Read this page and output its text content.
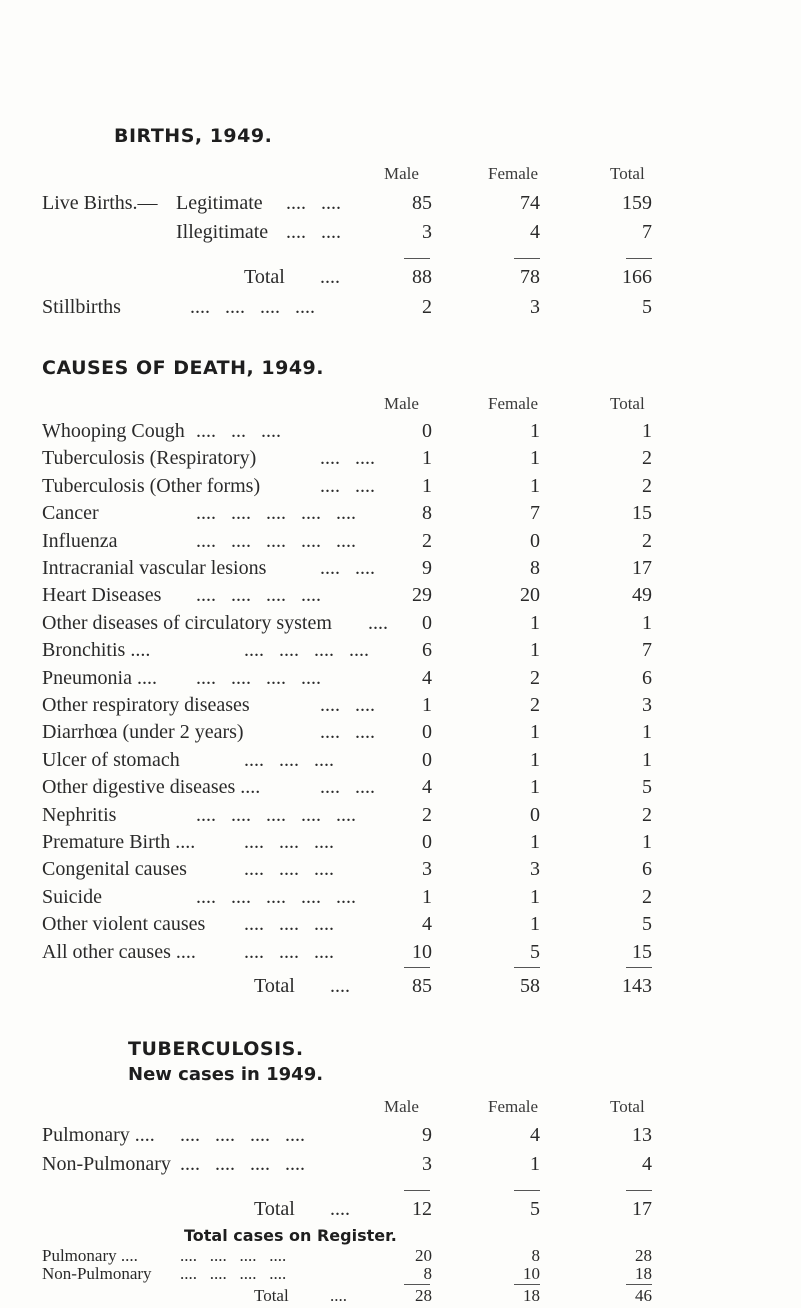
BIRTHS, 1949.
Male	Female	Total
Live Births.— Legitimate ....   ....	85	74	159
Illegitimate ....   ....	3	4	7
Total ....	88	78	166
Stillbirths	....   ....   ....   ....	2	3	5
CAUSES OF DEATH, 1949.
Male	Female	Total
Whooping Cough ....   ...   ....	0	1	1
Tuberculosis (Respiratory)	....   ....	1	1	2
Tuberculosis (Other forms)	....   ....	1	1	2
Cancer	....   ....   ....   ....   ....	8	7	15
Influenza	....   ....   ....   ....   ....	2	0	2
Intracranial vascular lesions	....   ....	9	8	17
Heart Diseases ....   ....   ....   ....	29	20	49
Other diseases of circulatory system ....	0	1	1
Bronchitis ....	....   ....   ....   ....	6	1	7
Pneumonia .... ....   ....   ....   ....	4	2	6
Other respiratory diseases	....   ....	1	2	3
Diarrhœa (under 2 years)	....   ....	0	1	1
Ulcer of stomach	....   ....   ....	0	1	1
Other digestive diseases ....	....   ....	4	1	5
Nephritis	....   ....   ....   ....   ....	2	0	2
Premature Birth .... ....   ....   ....	0	1	1
Congenital causes	....   ....   ....	3	3	6
Suicide	....   ....   ....   ....   ....	1	1	2
Other violent causes ....   ....   ....	4	1	5
All other causes .... ....   ....   ....	10	5	15
Total ....	85	58	143
TUBERCULOSIS.
New cases in 1949.
Male	Female	Total
Pulmonary .... ....   ....   ....   ....	9	4	13
Non-Pulmonary ....   ....   ....   ....	3	1	4
Total ....	12	5	17
Total cases on Register.
Pulmonary .... ....   ....   ....   ....	20	8	28
Non-Pulmonary ....   ....   ....   ....	8	10	18
Total ....	28	18	46
